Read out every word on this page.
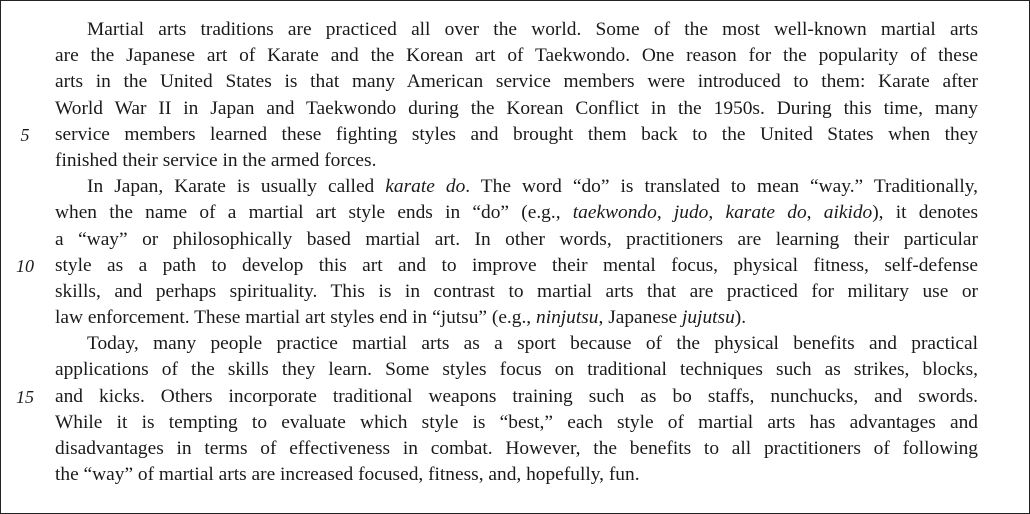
Martial arts traditions are practiced all over the world. Some of the most well-known martial arts
are the Japanese art of Karate and the Korean art of Taekwondo. One reason for the popularity of these
arts in the United States is that many American service members were introduced to them: Karate after
World War II in Japan and Taekwondo during the Korean Conflict in the 1950s. During this time, many
5	service members learned these fighting styles and brought them back to the United States when they
finished their service in the armed forces.
In Japan, Karate is usually called karate do. The word “do” is translated to mean “way.” Traditionally,
when the name of a martial art style ends in “do” (e.g., taekwondo, judo, karate do, aikido), it denotes
a “way” or philosophically based martial art. In other words, practitioners are learning their particular
10	style as a path to develop this art and to improve their mental focus, physical fitness, self-defense
skills, and perhaps spirituality. This is in contrast to martial arts that are practiced for military use or
law enforcement. These martial art styles end in “jutsu” (e.g., ninjutsu, Japanese jujutsu).
Today, many people practice martial arts as a sport because of the physical benefits and practical
applications of the skills they learn. Some styles focus on traditional techniques such as strikes, blocks,
15	and kicks. Others incorporate traditional weapons training such as bo staffs, nunchucks, and swords.
While it is tempting to evaluate which style is “best,” each style of martial arts has advantages and
disadvantages in terms of effectiveness in combat. However, the benefits to all practitioners of following
the “way” of martial arts are increased focused, fitness, and, hopefully, fun.
